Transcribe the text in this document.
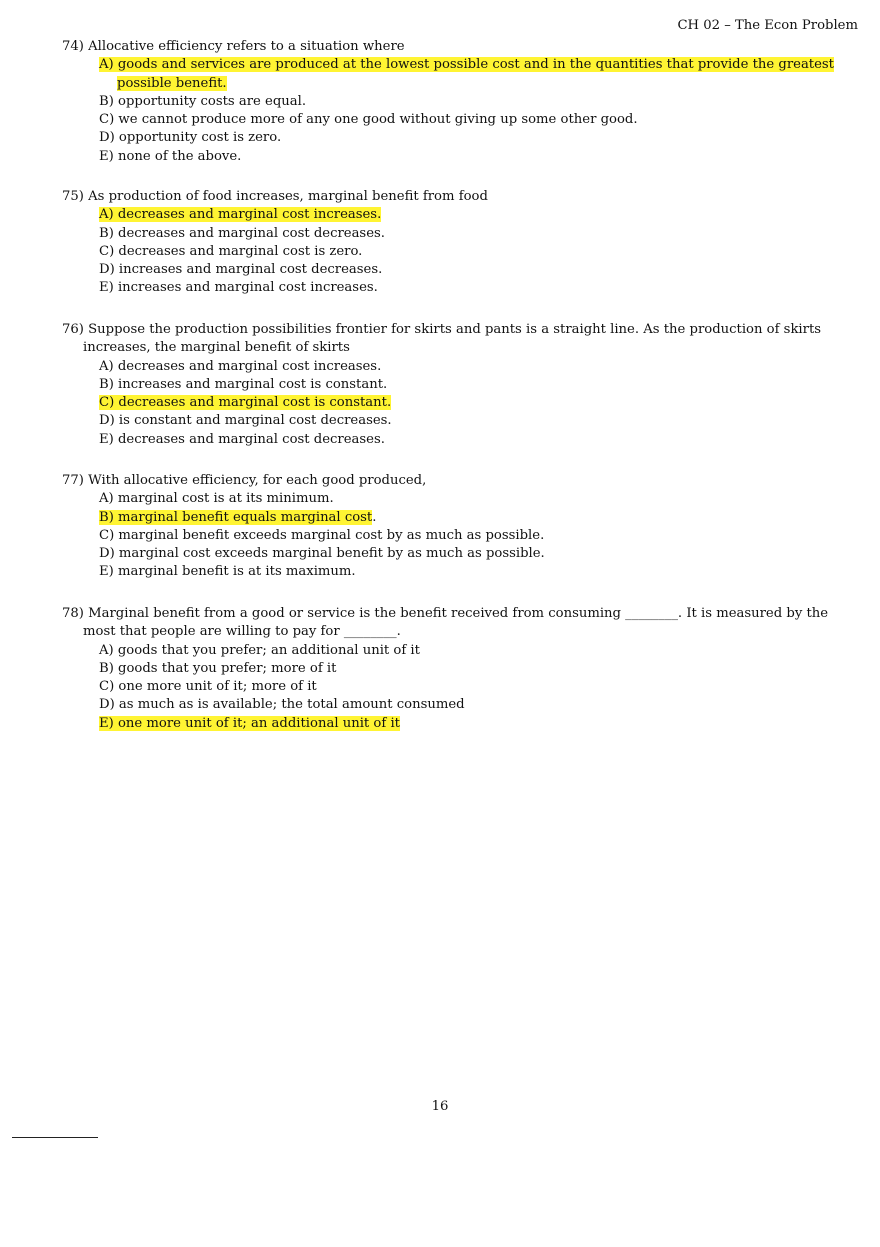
CH 02 – The Econ Problem
74) Allocative efficiency refers to a situation where
A) goods and services are produced at the lowest possible cost and in the quantities that provide the greatest possible benefit.
B) opportunity costs are equal.
C) we cannot produce more of any one good without giving up some other good.
D) opportunity cost is zero.
E) none of the above.
75) As production of food increases, marginal benefit from food
A) decreases and marginal cost increases.
B) decreases and marginal cost decreases.
C) decreases and marginal cost is zero.
D) increases and marginal cost decreases.
E) increases and marginal cost increases.
76) Suppose the production possibilities frontier for skirts and pants is a straight line. As the production of skirts increases, the marginal benefit of skirts
A) decreases and marginal cost increases.
B) increases and marginal cost is constant.
C) decreases and marginal cost is constant.
D) is constant and marginal cost decreases.
E) decreases and marginal cost decreases.
77) With allocative efficiency, for each good produced,
A) marginal cost is at its minimum.
B) marginal benefit equals marginal cost.
C) marginal benefit exceeds marginal cost by as much as possible.
D) marginal cost exceeds marginal benefit by as much as possible.
E) marginal benefit is at its maximum.
78) Marginal benefit from a good or service is the benefit received from consuming ________. It is measured by the most that people are willing to pay for ________.
A) goods that you prefer; an additional unit of it
B) goods that you prefer; more of it
C) one more unit of it; more of it
D) as much as is available; the total amount consumed
E) one more unit of it; an additional unit of it
16
